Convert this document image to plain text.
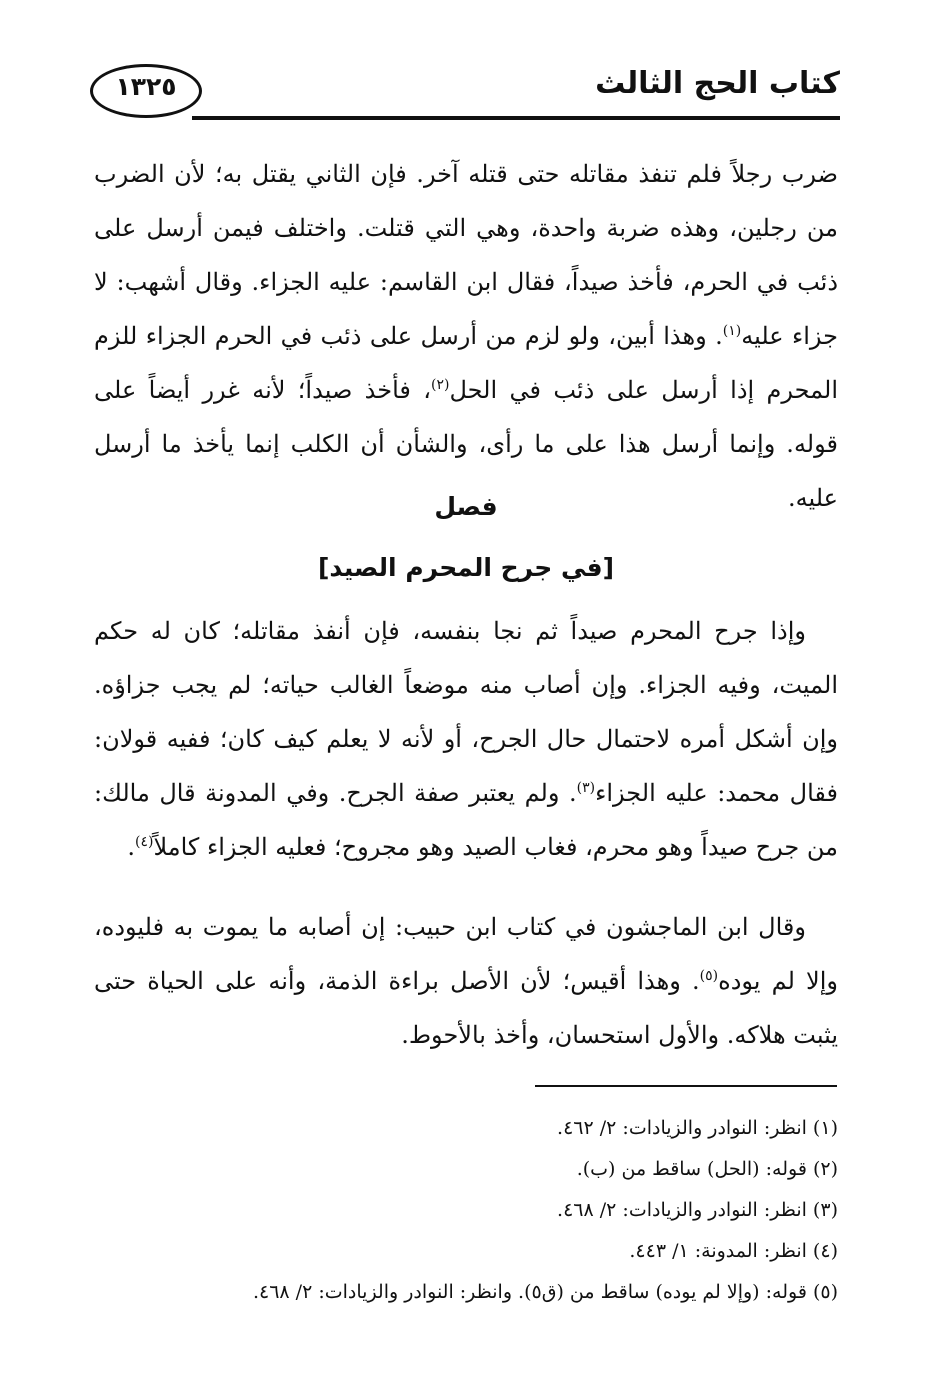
١٣٢٥	كتاب الحج الثالث
ضرب رجلاً فلم تنفذ مقاتله حتى قتله آخر. فإن الثاني يقتل به؛ لأن الضرب من رجلين، وهذه ضربة واحدة، وهي التي قتلت. واختلف فيمن أرسل على ذئب في الحرم، فأخذ صيداً، فقال ابن القاسم: عليه الجزاء. وقال أشهب: لا جزاء عليه$^{(١)}$. وهذا أبين، ولو لزم من أرسل على ذئب في الحرم الجزاء للزم المحرم إذا أرسل على ذئب في الحل$^{(٢)}$، فأخذ صيداً؛ لأنه غرر أيضاً على قوله. وإنما أرسل هذا على ما رأى، والشأن أن الكلب إنما يأخذ ما أرسل عليه.
فصل
[في جرح المحرم الصيد]
وإذا جرح المحرم صيداً ثم نجا بنفسه، فإن أنفذ مقاتله؛ كان له حكم الميت، وفيه الجزاء. وإن أصاب منه موضعاً الغالب حياته؛ لم يجب جزاؤه. وإن أشكل أمره لاحتمال حال الجرح، أو لأنه لا يعلم كيف كان؛ ففيه قولان: فقال محمد: عليه الجزاء$^{(٣)}$. ولم يعتبر صفة الجرح. وفي المدونة قال مالك: من جرح صيداً وهو محرم، فغاب الصيد وهو مجروح؛ فعليه الجزاء كاملاً$^{(٤)}$.
وقال ابن الماجشون في كتاب ابن حبيب: إن أصابه ما يموت به فليوده، وإلا لم يوده$^{(٥)}$. وهذا أقيس؛ لأن الأصل براءة الذمة، وأنه على الحياة حتى يثبت هلاكه. والأول استحسان، وأخذ بالأحوط.
(١) انظر: النوادر والزيادات: ٢/ ٤٦٢.
(٢) قوله: (الحل) ساقط من (ب).
(٣) انظر: النوادر والزيادات: ٢/ ٤٦٨.
(٤) انظر: المدونة: ١/ ٤٤٣.
(٥) قوله: (وإلا لم يوده) ساقط من (ق٥). وانظر: النوادر والزيادات: ٢/ ٤٦٨.
